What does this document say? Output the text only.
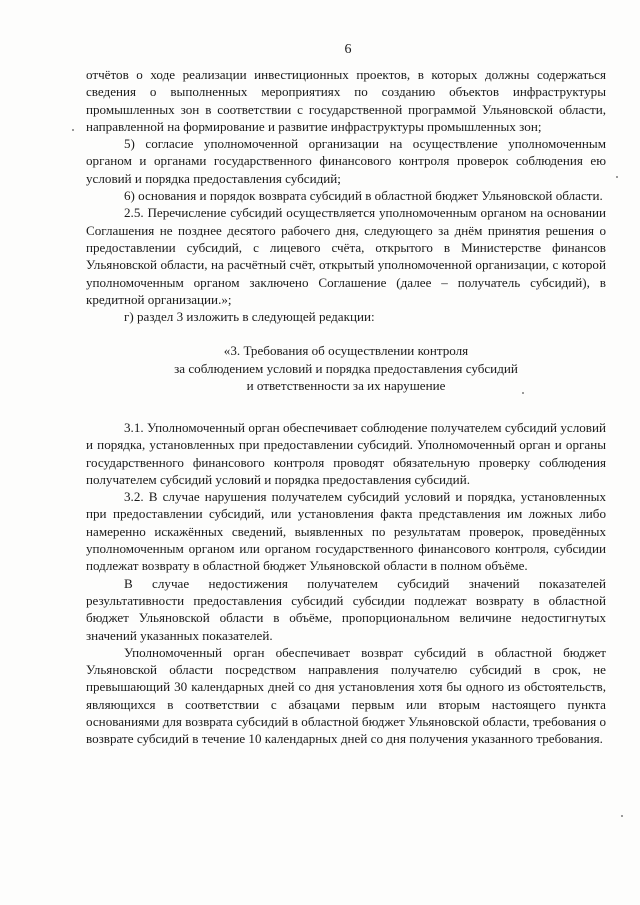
6

отчётов о ходе реализации инвестиционных проектов, в которых должны содержаться сведения о выполненных мероприятиях по созданию объектов инфраструктуры промышленных зон в соответствии с государственной программой Ульяновской области, направленной на формирование и развитие инфраструктуры промышленных зон;

5) согласие уполномоченной организации на осуществление уполномоченным органом и органами государственного финансового контроля проверок соблюдения ею условий и порядка предоставления субсидий;

6) основания и порядок возврата субсидий в областной бюджет Ульяновской области.

2.5. Перечисление субсидий осуществляется уполномоченным органом на основании Соглашения не позднее десятого рабочего дня, следующего за днём принятия решения о предоставлении субсидий, с лицевого счёта, открытого в Министерстве финансов Ульяновской области, на расчётный счёт, открытый уполномоченной организации, с которой уполномоченным органом заключено Соглашение (далее – получатель субсидий), в кредитной организации.»;

г) раздел 3 изложить в следующей редакции:

«3. Требования об осуществлении контроля
за соблюдением условий и порядка предоставления субсидий
и ответственности за их нарушение

3.1. Уполномоченный орган обеспечивает соблюдение получателем субсидий условий и порядка, установленных при предоставлении субсидий. Уполномоченный орган и органы государственного финансового контроля проводят обязательную проверку соблюдения получателем субсидий условий и порядка предоставления субсидий.

3.2. В случае нарушения получателем субсидий условий и порядка, установленных при предоставлении субсидий, или установления факта представления им ложных либо намеренно искажённых сведений, выявленных по результатам проверок, проведённых уполномоченным органом или органом государственного финансового контроля, субсидии подлежат возврату в областной бюджет Ульяновской области в полном объёме.

В случае недостижения получателем субсидий значений показателей результативности предоставления субсидий субсидии подлежат возврату в областной бюджет Ульяновской области в объёме, пропорциональном величине недостигнутых значений указанных показателей.

Уполномоченный орган обеспечивает возврат субсидий в областной бюджет Ульяновской области посредством направления получателю субсидий в срок, не превышающий 30 календарных дней со дня установления хотя бы одного из обстоятельств, являющихся в соответствии с абзацами первым или вторым настоящего пункта основаниями для возврата субсидий в областной бюджет Ульяновской области, требования о возврате субсидий в течение 10 календарных дней со дня получения указанного требования.
